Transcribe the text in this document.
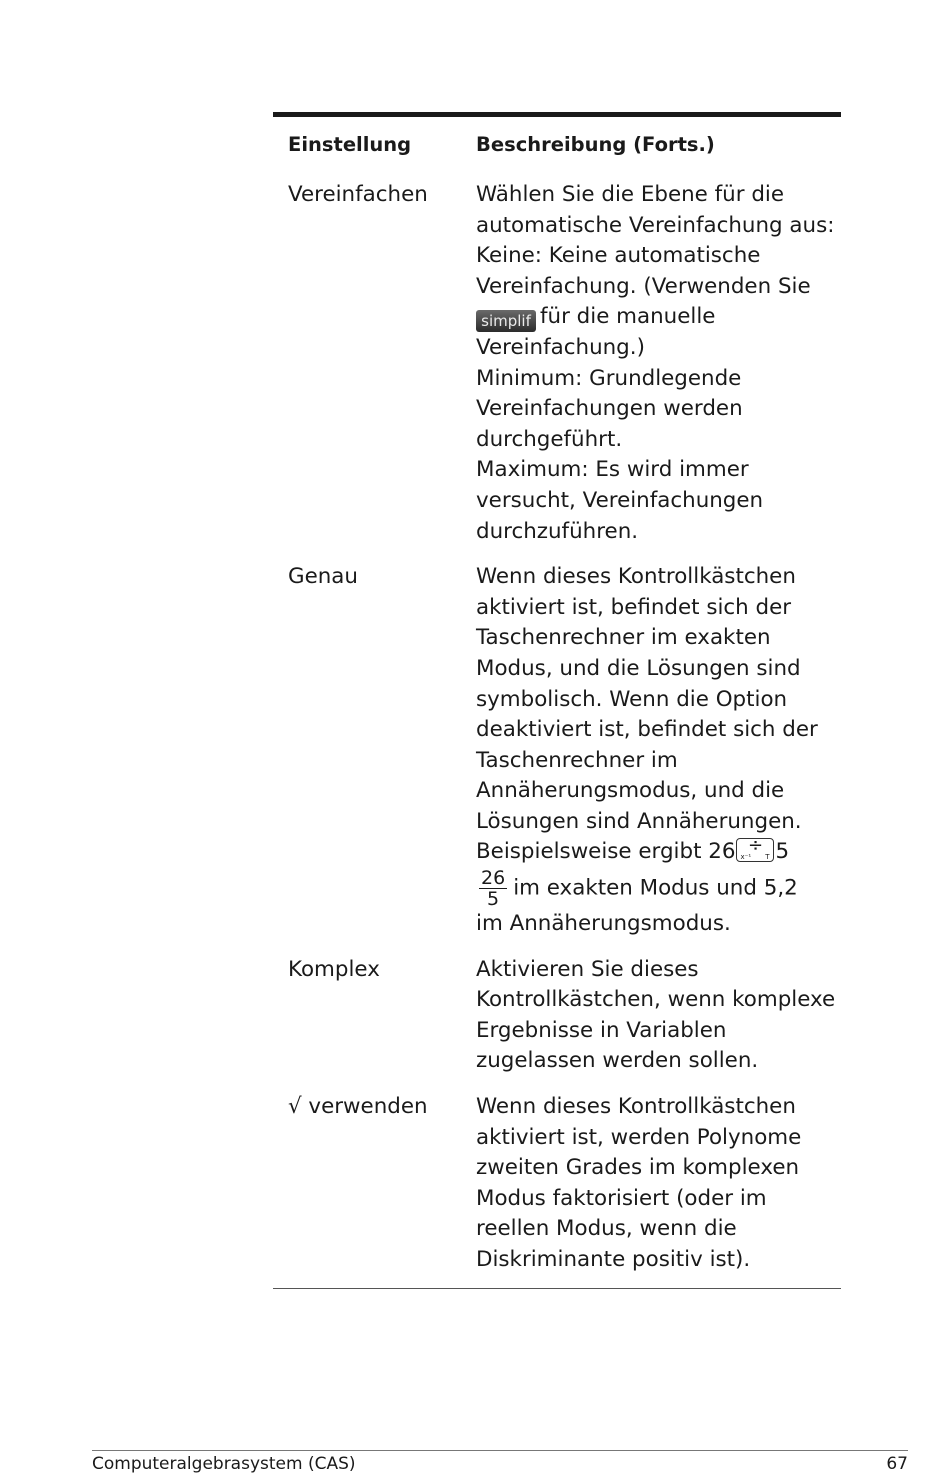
Einstellung	Beschreibung (Forts.)
Vereinfachen	Wählen Sie die Ebene für die
automatische Vereinfachung aus:
Keine: Keine automatische
Vereinfachung. (Verwenden Sie
simplif für die manuelle
Vereinfachung.)
Minimum: Grundlegende
Vereinfachungen werden
durchgeführt.
Maximum: Es wird immer
versucht, Vereinfachungen
durchzuführen.
Genau	Wenn dieses Kontrollkästchen
aktiviert ist, befindet sich der
Taschenrechner im exakten
Modus, und die Lösungen sind
symbolisch. Wenn die Option
deaktiviert ist, befindet sich der
Taschenrechner im
Annäherungsmodus, und die
Lösungen sind Annäherungen.
Beispielsweise ergibt 26 ÷
x⁻¹ T 5
$\frac{26}{5}$ im exakten Modus und 5,2
im Annäherungsmodus.
Komplex	Aktivieren Sie dieses
Kontrollkästchen, wenn komplexe
Ergebnisse in Variablen
zugelassen werden sollen.
√ verwenden	Wenn dieses Kontrollkästchen
aktiviert ist, werden Polynome
zweiten Grades im komplexen
Modus faktorisiert (oder im
reellen Modus, wenn die
Diskriminante positiv ist).
Computeralgebrasystem (CAS)	67
